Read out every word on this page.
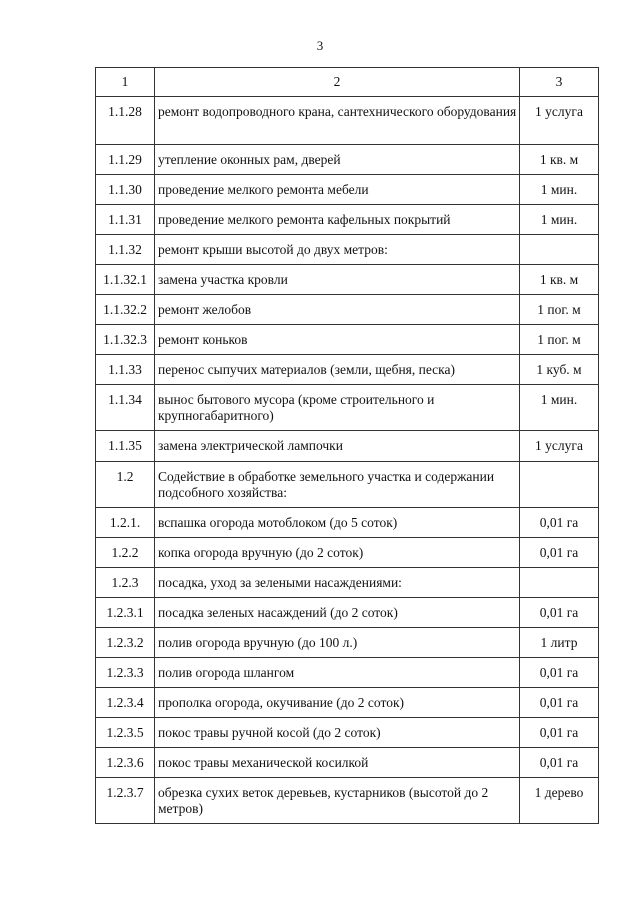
3
1	2	3
1.1.28	ремонт водопроводного крана, сантехнического оборудования	1 услуга
1.1.29	утепление оконных рам, дверей	1 кв. м
1.1.30	проведение мелкого ремонта мебели	1 мин.
1.1.31	проведение мелкого ремонта кафельных покрытий	1 мин.
1.1.32	ремонт крыши высотой до двух метров:	
1.1.32.1	замена участка кровли	1 кв. м
1.1.32.2	ремонт желобов	1 пог. м
1.1.32.3	ремонт коньков	1 пог. м
1.1.33	перенос сыпучих материалов (земли, щебня, песка)	1 куб. м
1.1.34	вынос бытового мусора (кроме строительного и крупногабаритного)	1 мин.
1.1.35	замена электрической лампочки	1 услуга
1.2	Содействие в обработке земельного участка и содержании подсобного хозяйства:	
1.2.1.	вспашка огорода мотоблоком (до 5 соток)	0,01 га
1.2.2	копка огорода вручную (до 2 соток)	0,01 га
1.2.3	посадка, уход за зелеными насаждениями:	
1.2.3.1	посадка зеленых насаждений (до 2 соток)	0,01 га
1.2.3.2	полив огорода вручную (до 100 л.)	1 литр
1.2.3.3	полив огорода шлангом	0,01 га
1.2.3.4	прополка огорода, окучивание (до 2 соток)	0,01 га
1.2.3.5	покос травы ручной косой (до 2 соток)	0,01 га
1.2.3.6	покос травы механической косилкой	0,01 га
1.2.3.7	обрезка сухих веток деревьев, кустарников (высотой до 2 метров)	1 дерево
